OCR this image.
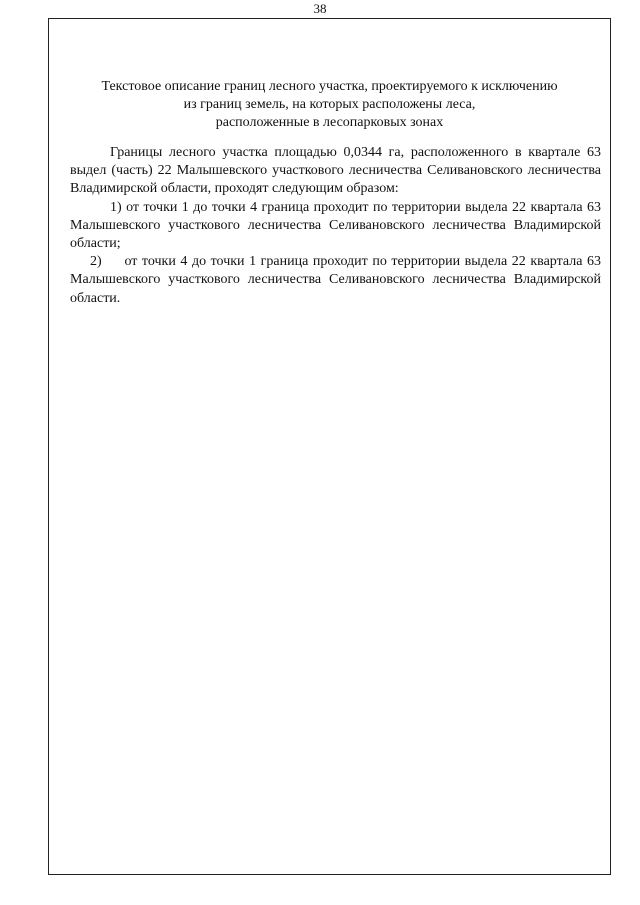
38
Текстовое описание границ лесного участка, проектируемого к исключению
из границ земель, на которых расположены леса,
расположенные в лесопарковых зонах

Границы лесного участка площадью 0,0344 га, расположенного в квартале 63 выдел (часть) 22 Малышевского участкового лесничества Селивановского лесничества Владимирской области, проходят следующим образом:

1) от точки 1 до точки 4 граница проходит по территории выдела 22 квартала 63 Малышевского участкового лесничества Селивановского лесничества Владимирской области;

2)     от точки 4 до точки 1 граница проходит по территории выдела 22 квартала 63 Малышевского участкового лесничества Селивановского лесничества Владимирской области.
